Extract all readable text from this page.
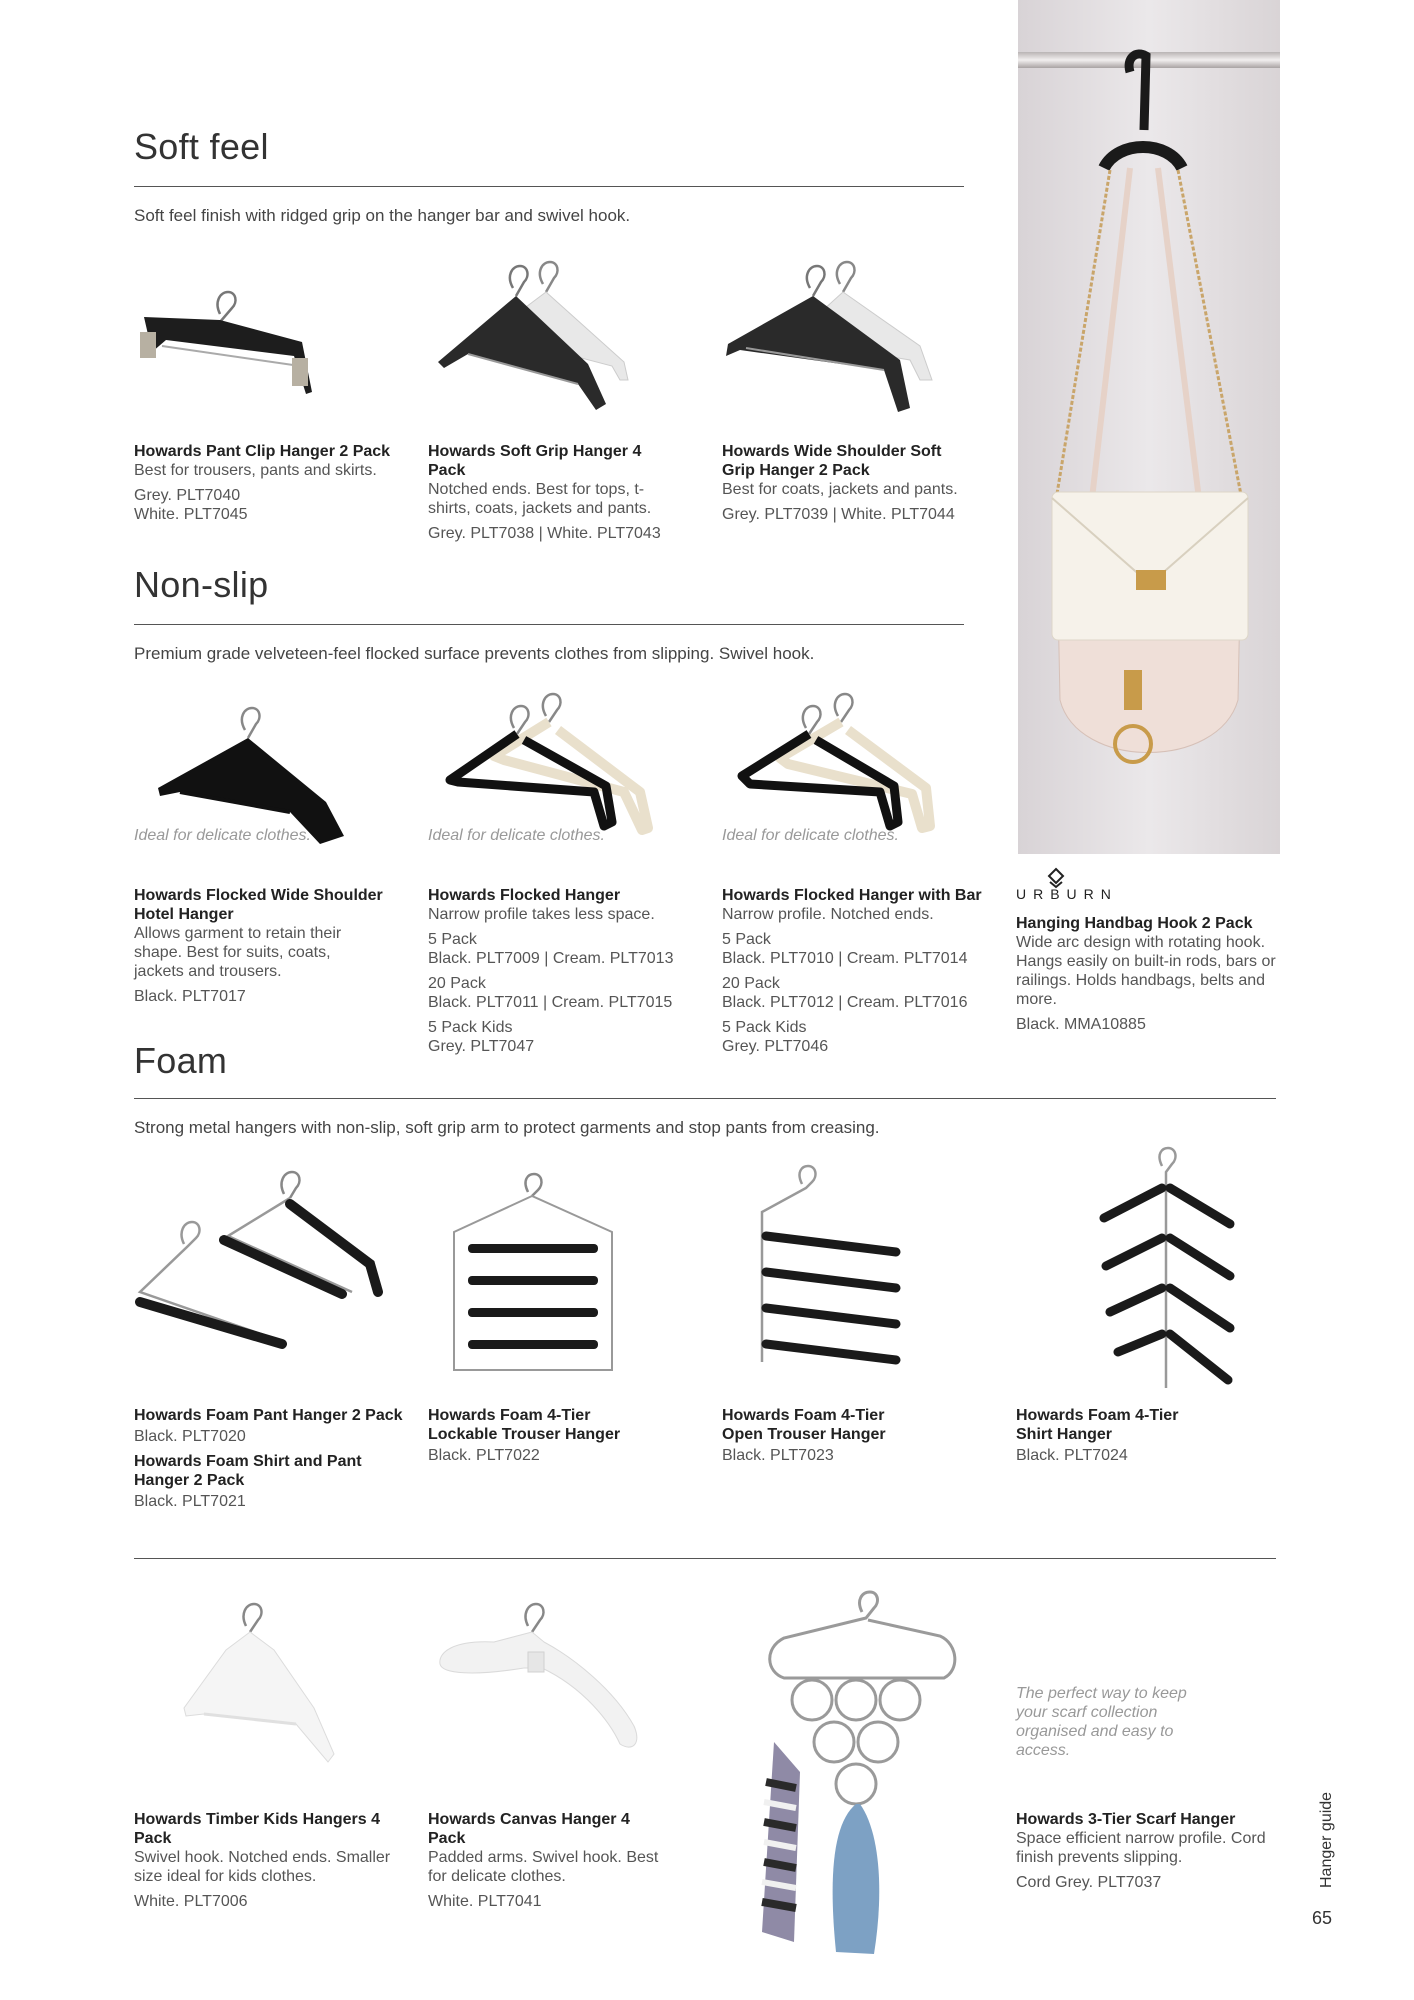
Soft feel
Soft feel finish with ridged grip on the hanger bar and swivel hook.
Howards Pant Clip Hanger 2 Pack
Best for trousers, pants and skirts.
Grey. PLT7040
White. PLT7045
Howards Soft Grip Hanger 4 Pack
Notched ends. Best for tops, t-shirts, coats, jackets and pants.
Grey. PLT7038 | White. PLT7043
Howards Wide Shoulder Soft Grip Hanger 2 Pack
Best for coats, jackets and pants.
Grey. PLT7039 | White. PLT7044
Non-slip
Premium grade velveteen-feel flocked surface prevents clothes from slipping. Swivel hook.
Ideal for delicate clothes.	Ideal for delicate clothes.	Ideal for delicate clothes.
Howards Flocked Wide Shoulder Hotel Hanger
Allows garment to retain their shape. Best for suits, coats, jackets and trousers.
Black. PLT7017
Howards Flocked Hanger
Narrow profile takes less space.
5 Pack
Black. PLT7009 | Cream. PLT7013
20 Pack
Black. PLT7011 | Cream. PLT7015
5 Pack Kids
Grey. PLT7047
Howards Flocked Hanger with Bar
Narrow profile. Notched ends.
5 Pack
Black. PLT7010 | Cream. PLT7014
20 Pack
Black. PLT7012 | Cream. PLT7016
5 Pack Kids
Grey. PLT7046
URBURN
Hanging Handbag Hook 2 Pack
Wide arc design with rotating hook. Hangs easily on built-in rods, bars or railings. Holds handbags, belts and more.
Black. MMA10885
Foam
Strong metal hangers with non-slip, soft grip arm to protect garments and stop pants from creasing.
Howards Foam Pant Hanger 2 Pack
Black. PLT7020
Howards Foam Shirt and Pant Hanger 2 Pack
Black. PLT7021
Howards Foam 4-Tier Lockable Trouser Hanger
Black. PLT7022
Howards Foam 4-Tier Open Trouser Hanger
Black. PLT7023
Howards Foam 4-Tier Shirt Hanger
Black. PLT7024
The perfect way to keep your scarf collection organised and easy to access.
Howards Timber Kids Hangers 4 Pack
Swivel hook. Notched ends. Smaller size ideal for kids clothes.
White. PLT7006
Howards Canvas Hanger 4 Pack
Padded arms. Swivel hook. Best for delicate clothes.
White. PLT7041
Howards 3-Tier Scarf Hanger
Space efficient narrow profile. Cord finish prevents slipping.
Cord Grey. PLT7037	Hanger guide
65
